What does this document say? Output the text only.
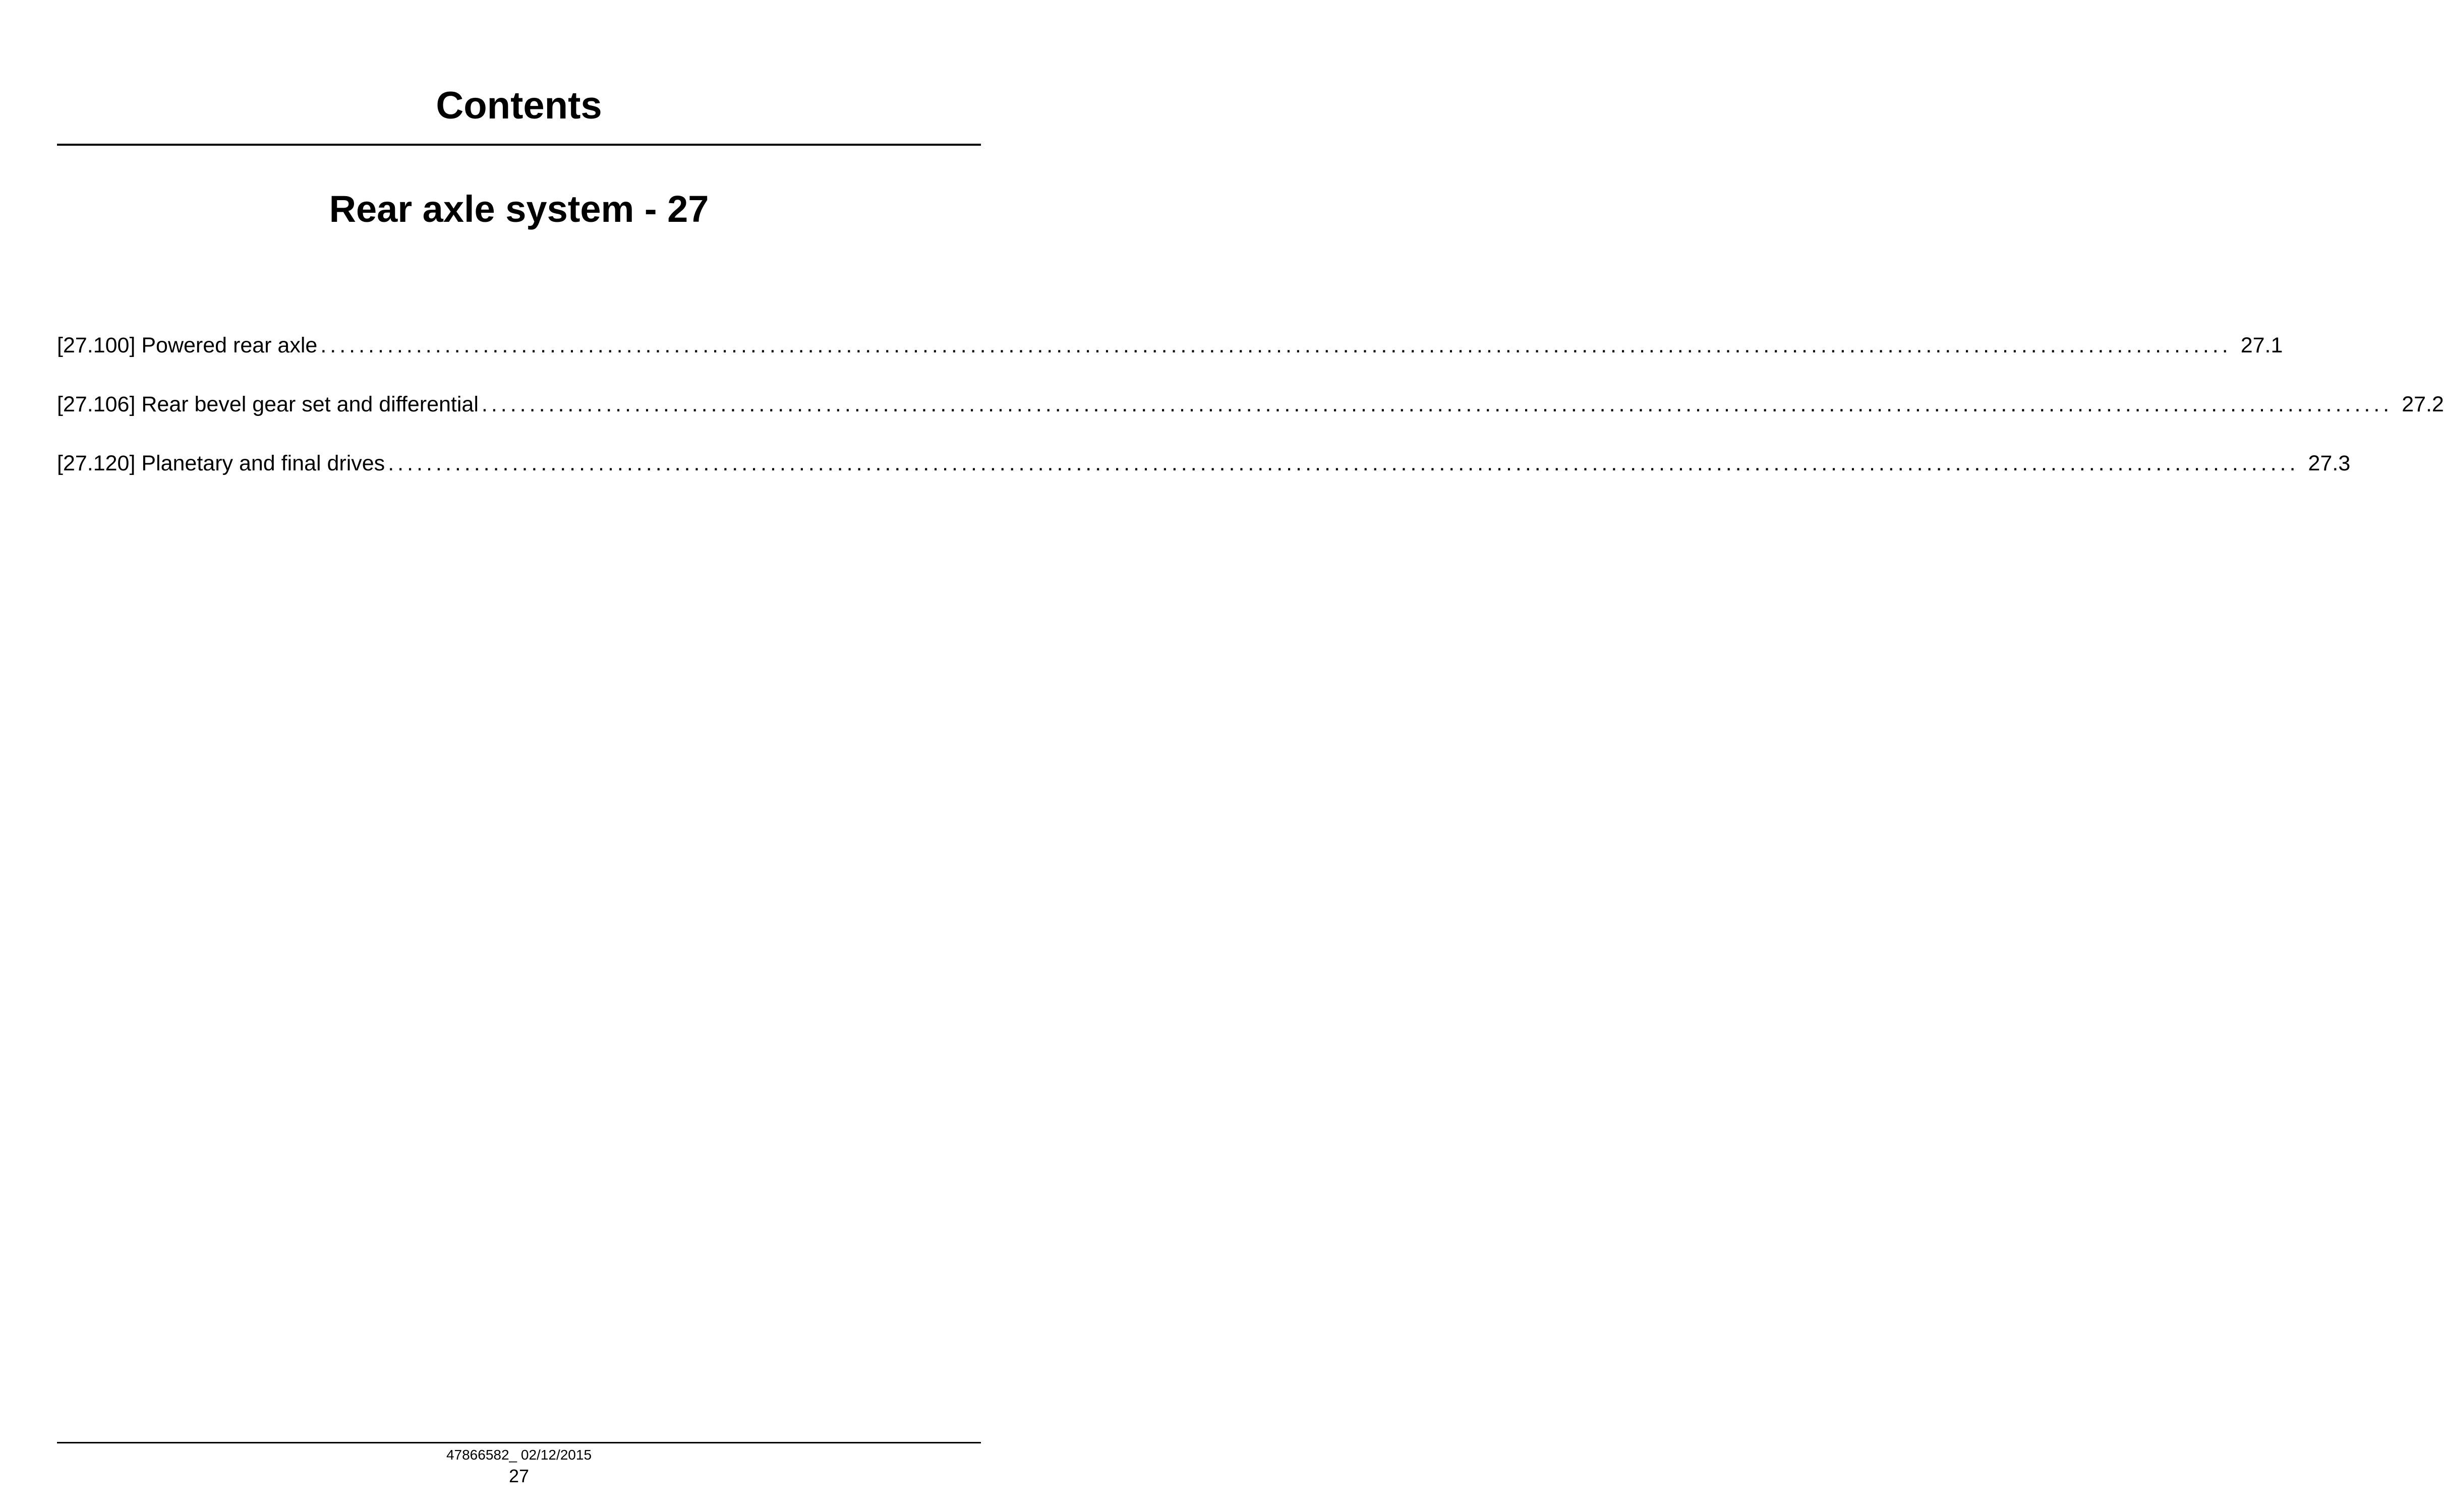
Contents
Rear axle system - 27
[27.100] Powered rear axle ........................................................................................................................................................................................................ 27.1
[27.106] Rear bevel gear set and differential ........................................................................................................................................................................................................ 27.2
[27.120] Planetary and final drives ........................................................................................................................................................................................................ 27.3
47866582_ 02/12/2015
27
